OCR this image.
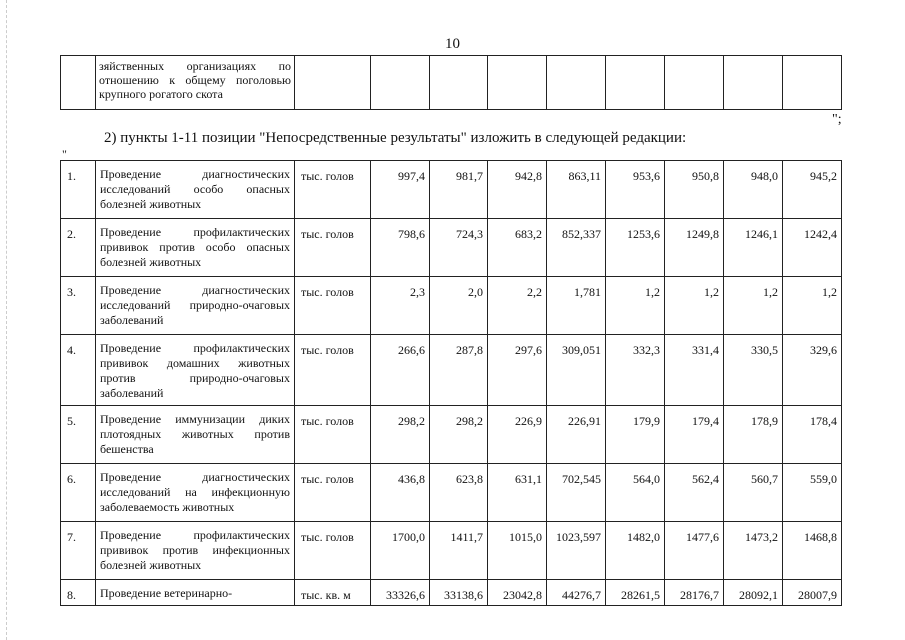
10
	зяйственных организациях по отношению к общему поголовью крупного рогатого скота									
";
2) пункты 1-11 позиции "Непосредственные результаты" изложить в следующей редакции:
"
1.	Проведение диагностических исследований особо опасных болезней животных	тыс. голов	997,4	981,7	942,8	863,11	953,6	950,8	948,0	945,2
2.	Проведение профилактических прививок против особо опасных болезней животных	тыс. голов	798,6	724,3	683,2	852,337	1253,6	1249,8	1246,1	1242,4
3.	Проведение диагностических исследований природно-очаговых заболеваний	тыс. голов	2,3	2,0	2,2	1,781	1,2	1,2	1,2	1,2
4.	Проведение профилактических прививок домашних животных против природно-очаговых заболеваний	тыс. голов	266,6	287,8	297,6	309,051	332,3	331,4	330,5	329,6
5.	Проведение иммунизации диких плотоядных животных против бешенства	тыс. голов	298,2	298,2	226,9	226,91	179,9	179,4	178,9	178,4
6.	Проведение диагностических исследований на инфекционную заболеваемость животных	тыс. голов	436,8	623,8	631,1	702,545	564,0	562,4	560,7	559,0
7.	Проведение профилактических прививок против инфекционных болезней животных	тыс. голов	1700,0	1411,7	1015,0	1023,597	1482,0	1477,6	1473,2	1468,8
8.	Проведение ветеринарно-	тыс. кв. м	33326,6	33138,6	23042,8	44276,7	28261,5	28176,7	28092,1	28007,9
